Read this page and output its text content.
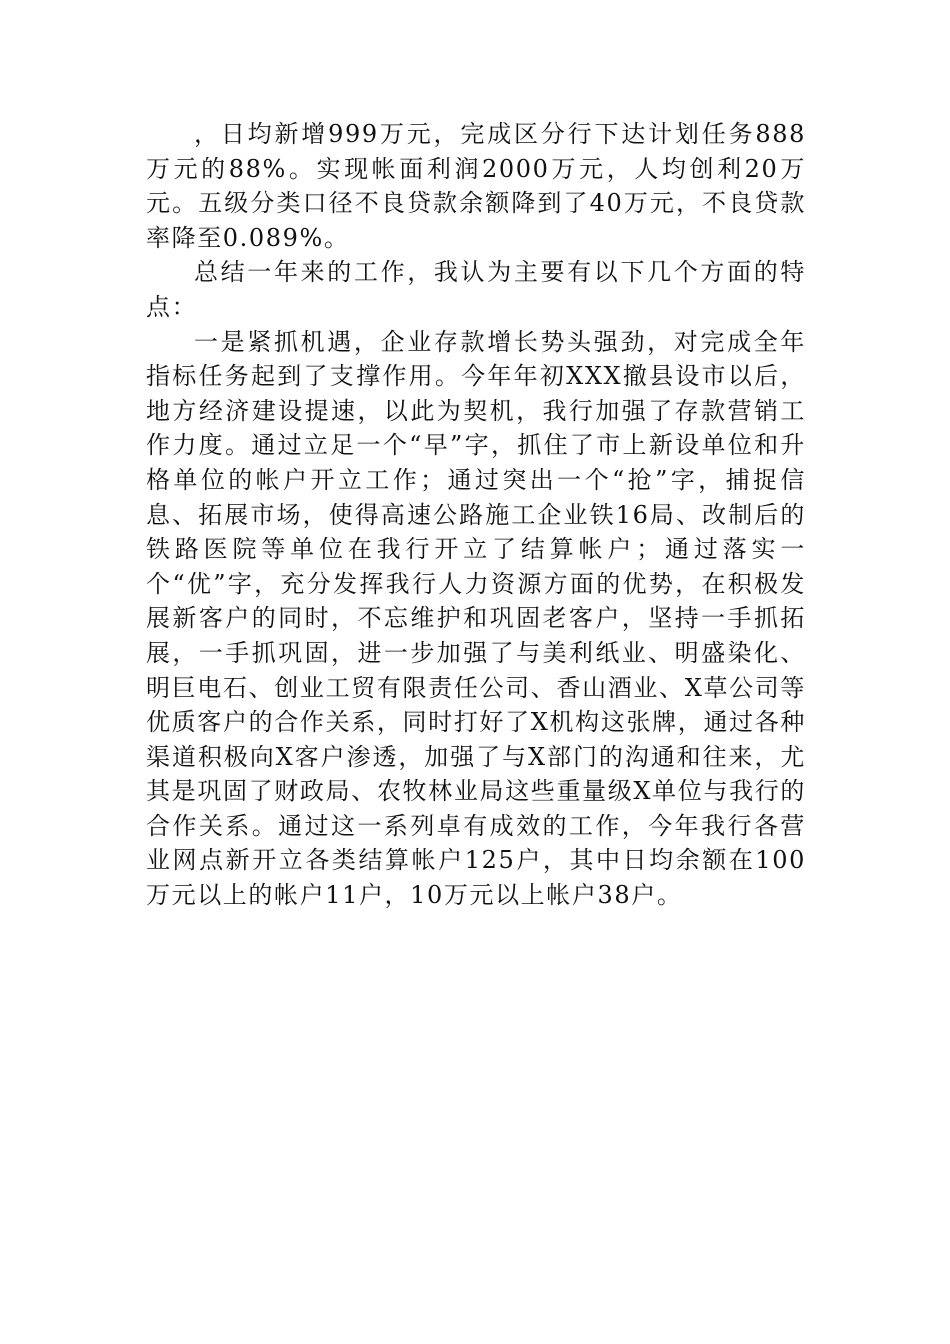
，日均新增999万元，完成区分行下达计划任务888万元的88%。实现帐面利润2000万元，人均创利20万元。五级分类口径不良贷款余额降到了40万元，不良贷款率降至0.089%。

总结一年来的工作，我认为主要有以下几个方面的特点：

一是紧抓机遇，企业存款增长势头强劲，对完成全年指标任务起到了支撑作用。今年年初XXX撤县设市以后，地方经济建设提速，以此为契机，我行加强了存款营销工作力度。通过立足一个“早”字，抓住了市上新设单位和升格单位的帐户开立工作；通过突出一个“抢”字，捕捉信息、拓展市场，使得高速公路施工企业铁16局、改制后的铁路医院等单位在我行开立了结算帐户；通过落实一个“优”字，充分发挥我行人力资源方面的优势，在积极发展新客户的同时，不忘维护和巩固老客户，坚持一手抓拓展，一手抓巩固，进一步加强了与美利纸业、明盛染化、明巨电石、创业工贸有限责任公司、香山酒业、X草公司等优质客户的合作关系，同时打好了X机构这张牌，通过各种渠道积极向X客户渗透，加强了与X部门的沟通和往来，尤其是巩固了财政局、农牧林业局这些重量级X单位与我行的合作关系。通过这一系列卓有成效的工作，今年我行各营业网点新开立各类结算帐户125户，其中日均余额在100万元以上的帐户11户，10万元以上帐户38户。
